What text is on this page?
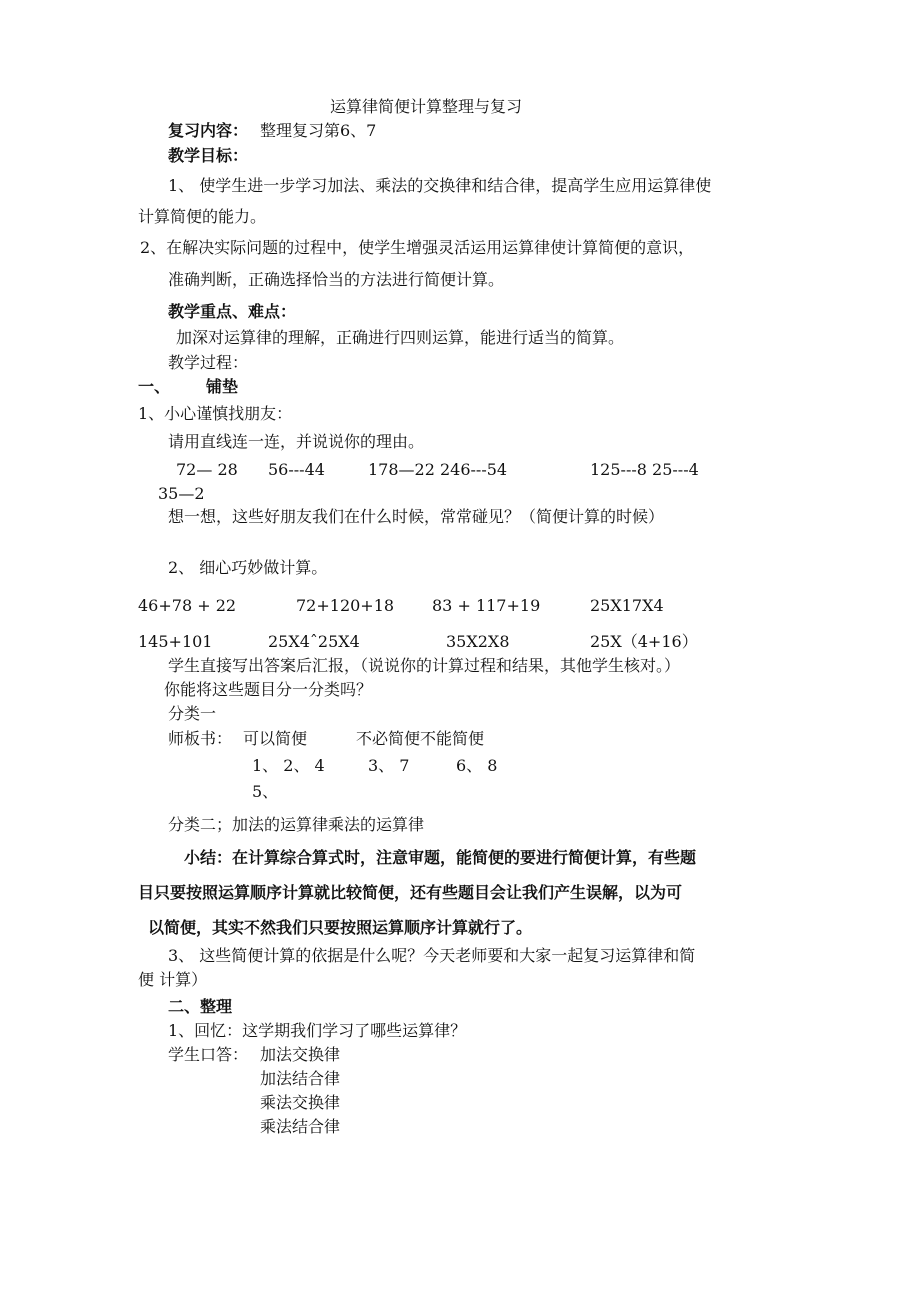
运算律简便计算整理与复习
复习内容： 整理复习第6、7
教学目标：
1、 使学生进一步学习加法、乘法的交换律和结合律，提高学生应用运算律使
计算简便的能力。
2、在解决实际问题的过程中，使学生增强灵活运用运算律使计算简便的意识，
准确判断，正确选择恰当的方法进行简便计算。
教学重点、难点：
加深对运算律的理解，正确进行四则运算，能进行适当的简算。
教学过程：
一、 铺垫
1、小心谨慎找朋友：
请用直线连一连，并说说你的理由。
72— 28 56---44	178—22 246---54	125---8 25---4
35—2
想一想，这些好朋友我们在什么时候，常常碰见？（简便计算的时候）
2、 细心巧妙做计算。
46+78 + 22	72+120+18 83 + 117+19	25X17X4
145+101	25X4ˆ25X4	35X2X8	25X（4+16）
学生直接写出答案后汇报，（说说你的计算过程和结果，其他学生核对。）
你能将这些题目分一分类吗？
分类一
师板书： 可以简便	不必简便不能简便
1、 2、 4	3、 7	6、 8
5、
分类二；加法的运算律乘法的运算律
小结：在计算综合算式时，注意审题，能简便的要进行简便计算，有些题
目只要按照运算顺序计算就比较简便，还有些题目会让我们产生误解，以为可
以简便，其实不然我们只要按照运算顺序计算就行了。
3、 这些简便计算的依据是什么呢？今天老师要和大家一起复习运算律和简
便 计算）
二、整理
1、回忆：这学期我们学习了哪些运算律？
学生口答： 加法交换律
加法结合律
乘法交换律
乘法结合律
